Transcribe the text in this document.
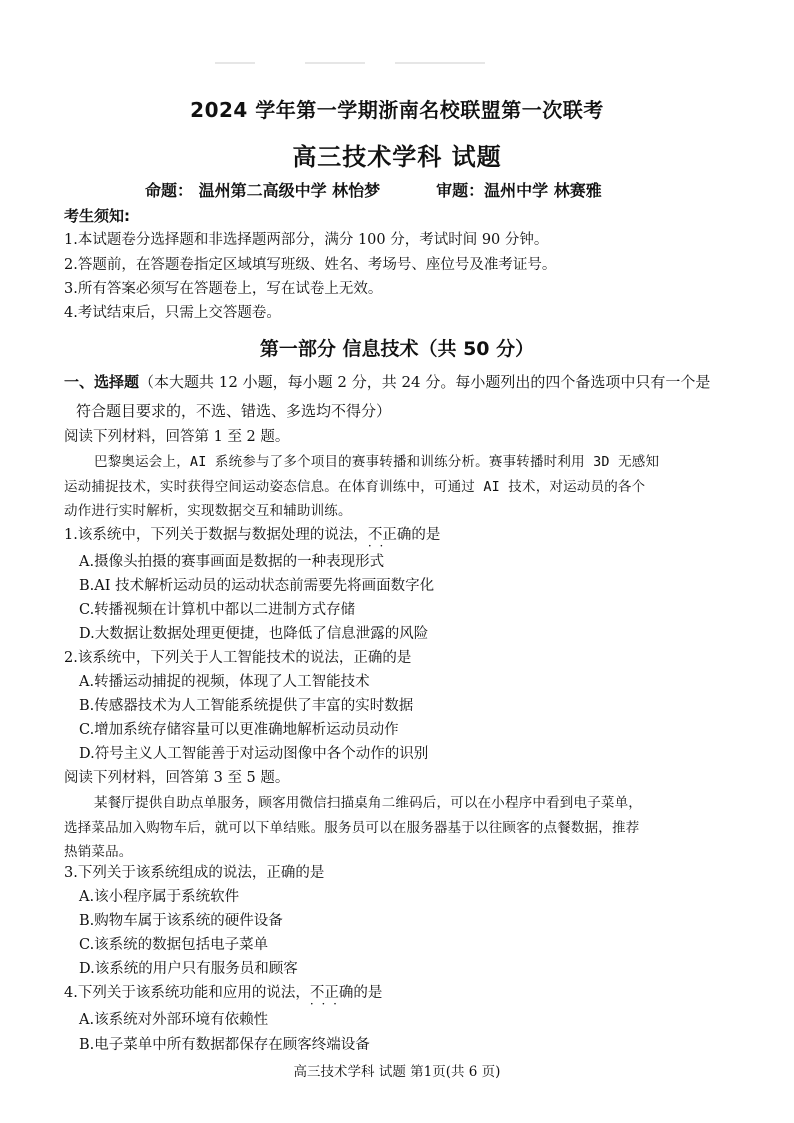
2024 学年第一学期浙南名校联盟第一次联考
高三技术学科 试题
命题： 温州第二高级中学 林怡梦	审题：温州中学 林赛雅
考生须知:
1.本试题卷分选择题和非选择题两部分，满分 100 分，考试时间 90 分钟。
2.答题前，在答题卷指定区域填写班级、姓名、考场号、座位号及准考证号。
3.所有答案必须写在答题卷上，写在试卷上无效。
4.考试结束后，只需上交答题卷。
第一部分 信息技术（共 50 分）
一、选择题（本大题共 12 小题，每小题 2 分，共 24 分。每小题列出的四个备选项中只有一个是
符合题目要求的，不选、错选、多选均不得分）
阅读下列材料，回答第 1 至 2 题。
巴黎奥运会上，AI 系统参与了多个项目的赛事转播和训练分析。赛事转播时利用 3D 无感知
运动捕捉技术，实时获得空间运动姿态信息。在体育训练中，可通过 AI 技术，对运动员的各个
动作进行实时解析，实现数据交互和辅助训练。
1.该系统中，下列关于数据与数据处理的说法，不正 · ·确的是
A.摄像头拍摄的赛事画面是数据的一种表现形式
B.AI 技术解析运动员的运动状态前需要先将画面数字化
C.转播视频在计算机中都以二进制方式存储
D.大数据让数据处理更便捷，也降低了信息泄露的风险
2.该系统中，下列关于人工智能技术的说法，正确的是
A.转播运动捕捉的视频，体现了人工智能技术
B.传感器技术为人工智能系统提供了丰富的实时数据
C.增加系统存储容量可以更准确地解析运动员动作
D.符号主义人工智能善于对运动图像中各个动作的识别
阅读下列材料，回答第 3 至 5 题。
某餐厅提供自助点单服务，顾客用微信扫描桌角二维码后，可以在小程序中看到电子菜单，
选择菜品加入购物车后，就可以下单结账。服务员可以在服务器基于以往顾客的点餐数据，推荐
热销菜品。
3.下列关于该系统组成的说法，正确的是
A.该小程序属于系统软件
B.购物车属于该系统的硬件设备
C.该系统的数据包括电子菜单
D.该系统的用户只有服务员和顾客
4.下列关于该系统功能和应用的说法，不正确 · · ·的是
A.该系统对外部环境有依赖性
B.电子菜单中所有数据都保存在顾客终端设备
高三技术学科 试题 第1页(共 6 页)
